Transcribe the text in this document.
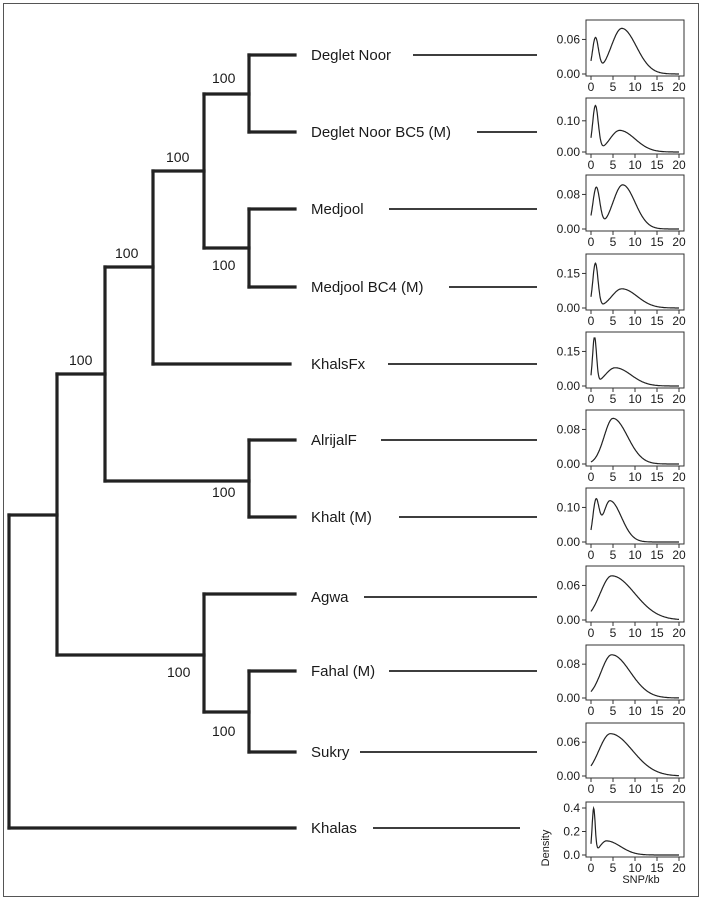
Deglet Noor
Deglet Noor BC5 (M)
Medjool
Medjool BC4 (M)
KhalsFx
AlrijalF
Khalt (M)
Agwa
Fahal (M)
Sukry
Khalas
100
100
100
100
100
100
100
100
0.00
0.06
0 5 10 15 20
0.00
0.10
0 5 10 15 20
0.00
0.08
0 5 10 15 20
0.00
0.15
0 5 10 15 20
0.00
0.15
0 5 10 15 20
0.00
0.08
0 5 10 15 20
0.00
0.10
0 5 10 15 20
0.00
0.06
0 5 10 15 20
0.00
0.08
0 5 10 15 20
0.00
0.06
0 5 10 15 20
0.0
0.2
0.4
0 5 10 15 20
Density
SNP/kb
